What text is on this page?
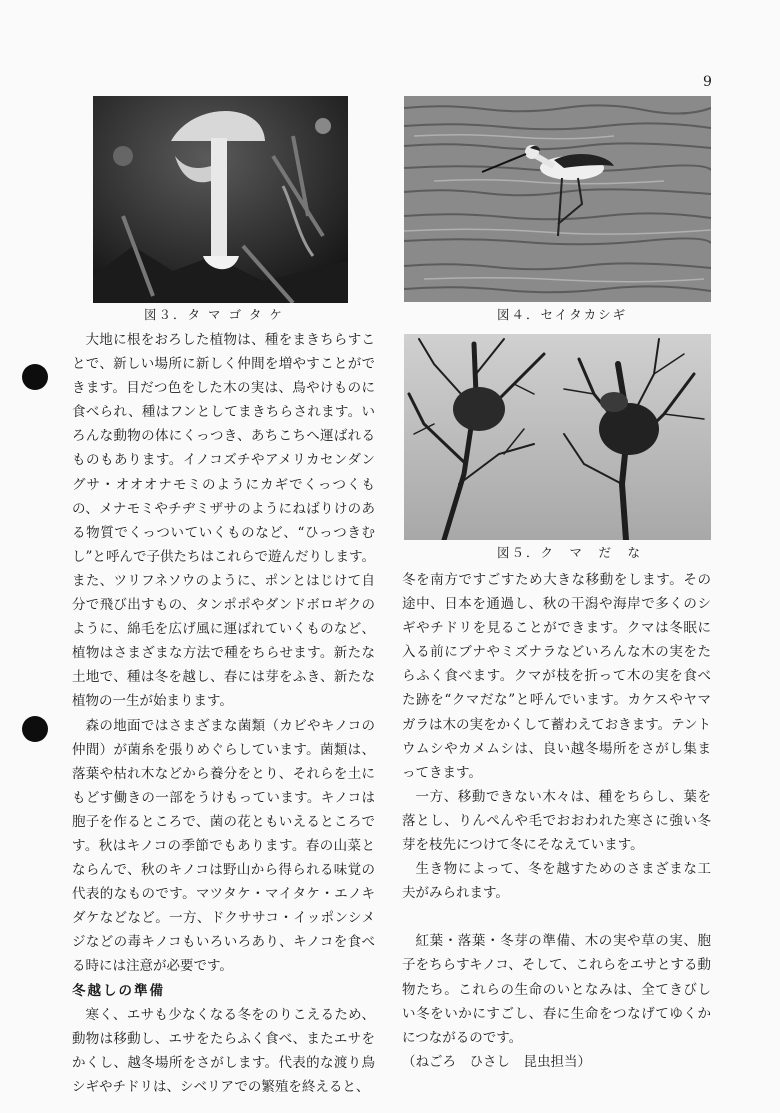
9
図３．タ マ ゴ タ ケ	図４．セイタカシギ
図５．ク　マ　だ　な

大地に根をおろした植物は、種をまきちらすことで、新しい場所に新しく仲間を増やすことができます。目だつ色をした木の実は、鳥やけものに食べられ、種はフンとしてまきちらされます。いろんな動物の体にくっつき、あちこちへ運ばれるものもあります。イノコズチやアメリカセンダングサ・オオオナモミのようにカギでくっつくもの、メナモミやチヂミザサのようにねばりけのある物質でくっついていくものなど、“ひっつきむし”と呼んで子供たちはこれらで遊んだりします。また、ツリフネソウのように、ポンとはじけて自分で飛び出すもの、タンポポやダンドボロギクのように、綿毛を広げ風に運ばれていくものなど、植物はさまざまな方法で種をちらせます。新たな土地で、種は冬を越し、春には芽をふき、新たな植物の一生が始まります。

森の地面ではさまざまな菌類（カビやキノコの仲間）が菌糸を張りめぐらしています。菌類は、落葉や枯れ木などから養分をとり、それらを土にもどす働きの一部をうけもっています。キノコは胞子を作るところで、菌の花ともいえるところです。秋はキノコの季節でもあります。春の山菜とならんで、秋のキノコは野山から得られる味覚の代表的なものです。マツタケ・マイタケ・エノキダケなどなど。一方、ドクササコ・イッポンシメジなどの毒キノコもいろいろあり、キノコを食べる時には注意が必要です。

冬越しの準備

寒く、エサも少なくなる冬をのりこえるため、動物は移動し、エサをたらふく食べ、またエサをかくし、越冬場所をさがします。代表的な渡り鳥シギやチドリは、シベリアでの繁殖を終えると、

冬を南方ですごすため大きな移動をします。その途中、日本を通過し、秋の干潟や海岸で多くのシギやチドリを見ることができます。クマは冬眠に入る前にブナやミズナラなどいろんな木の実をたらふく食べます。クマが枝を折って木の実を食べた跡を“クマだな”と呼んでいます。カケスやヤマガラは木の実をかくして蓄わえておきます。テントウムシやカメムシは、良い越冬場所をさがし集まってきます。

一方、移動できない木々は、種をちらし、葉を落とし、りんぺんや毛でおおわれた寒さに強い冬芽を枝先につけて冬にそなえています。

生き物によって、冬を越すためのさまざまな工夫がみられます。

紅葉・落葉・冬芽の準備、木の実や草の実、胞子をちらすキノコ、そして、これらをエサとする動物たち。これらの生命のいとなみは、全てきびしい冬をいかにすごし、春に生命をつなげてゆくかにつながるのです。

（ねごろ　ひさし　昆虫担当）
